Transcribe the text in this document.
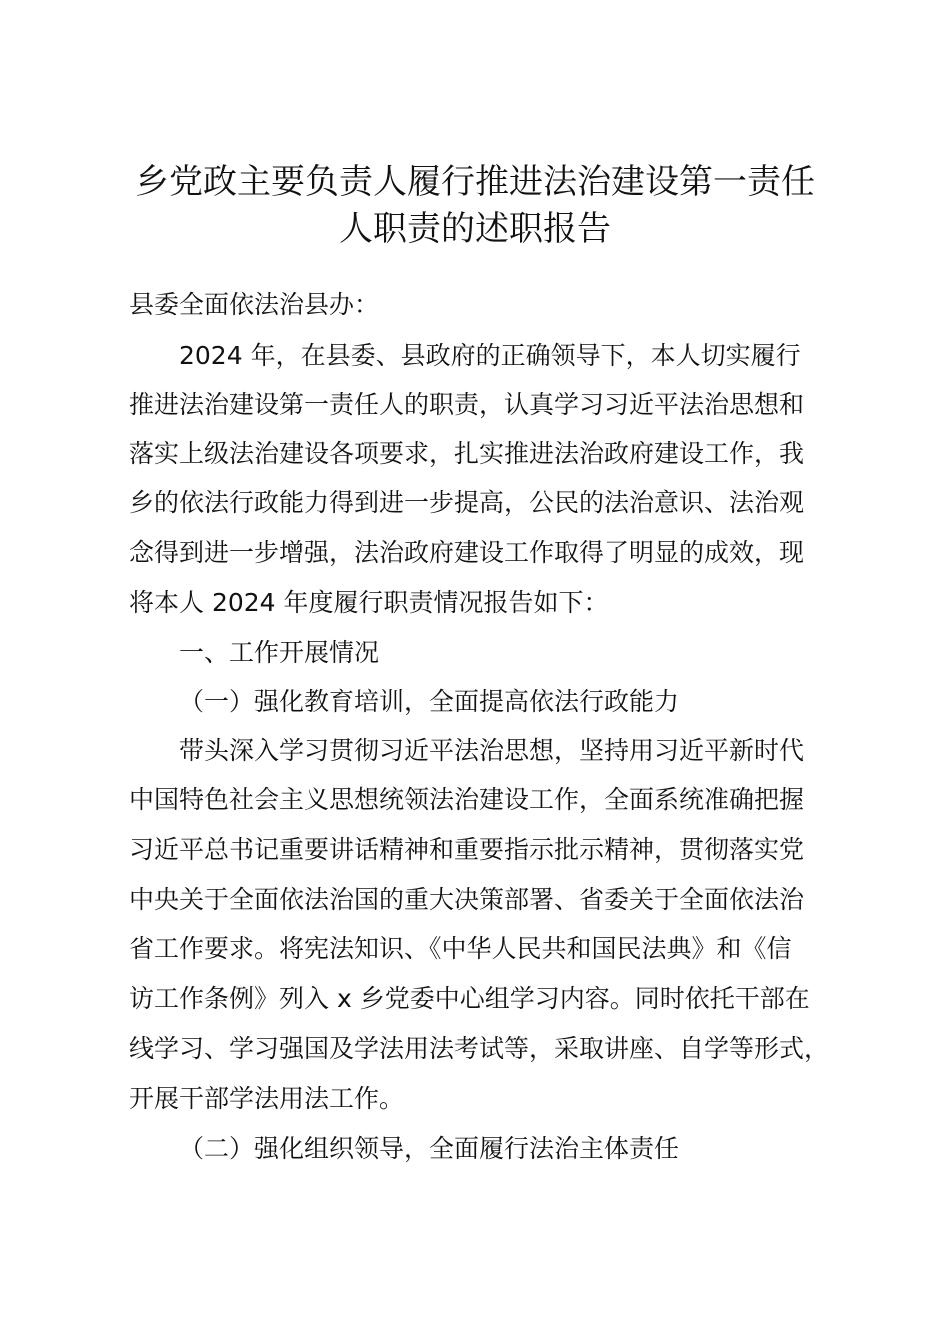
乡党政主要负责人履行推进法治建设第一责任
人职责的述职报告
县委全面依法治县办：
2024 年，在县委、县政府的正确领导下，本人切实履行
推进法治建设第一责任人的职责，认真学习习近平法治思想和
落实上级法治建设各项要求，扎实推进法治政府建设工作，我
乡的依法行政能力得到进一步提高，公民的法治意识、法治观
念得到进一步增强，法治政府建设工作取得了明显的成效，现
将本人 2024 年度履行职责情况报告如下：
一、工作开展情况
（一）强化教育培训，全面提高依法行政能力
带头深入学习贯彻习近平法治思想，坚持用习近平新时代
中国特色社会主义思想统领法治建设工作，全面系统准确把握
习近平总书记重要讲话精神和重要指示批示精神，贯彻落实党
中央关于全面依法治国的重大决策部署、省委关于全面依法治
省工作要求。将宪法知识、《中华人民共和国民法典》和《信
访工作条例》列入 x 乡党委中心组学习内容。同时依托干部在
线学习、学习强国及学法用法考试等，采取讲座、自学等形式，
开展干部学法用法工作。
（二）强化组织领导，全面履行法治主体责任
